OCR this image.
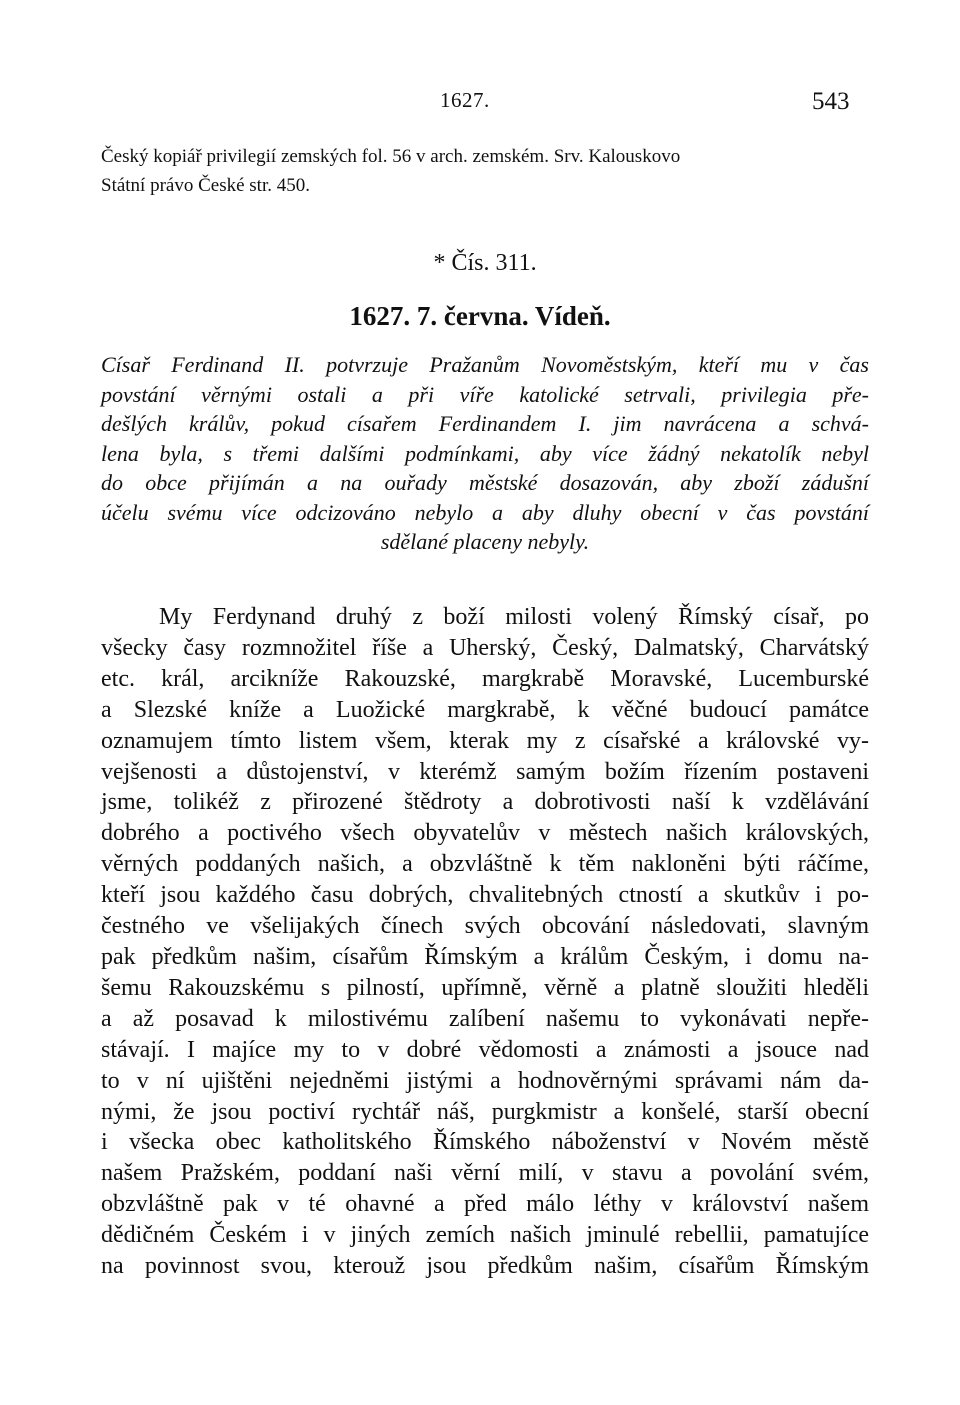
1627.	543
Český kopiář privilegií zemských fol. 56 v arch. zemském. Srv. Kalouskovo
Státní právo České str. 450.
* Čís. 311.
1627. 7. června. Vídeň.
Císař Ferdinand II. potvrzuje Pražanům Novoměstským, kteří mu v čas
povstání věrnými ostali a při víře katolické setrvali, privilegia pře-
dešlých králův, pokud císařem Ferdinandem I. jim navrácena a schvá-
lena byla, s třemi dalšími podmínkami, aby více žádný nekatolík nebyl
do obce přijímán a na ouřady městské dosazován, aby zboží zádušní
účelu svému více odcizováno nebylo a aby dluhy obecní v čas povstání
sdělané placeny nebyly.
My Ferdynand druhý z boží milosti volený Římský císař, po
všecky časy rozmnožitel říše a Uherský, Český, Dalmatský, Charvátský
etc. král, arcikníže Rakouzské, margkrabě Moravské, Lucemburské
a Slezské kníže a Luožické margkrabě, k věčné budoucí památce
oznamujem tímto listem všem, kterak my z císařské a královské vy-
vejšenosti a důstojenství, v kterémž samým božím řízením postaveni
jsme, tolikéž z přirozené štědroty a dobrotivosti naší k vzdělávání
dobrého a poctivého všech obyvatelův v městech našich královských,
věrných poddaných našich, a obzvláštně k těm nakloněni býti ráčíme,
kteří jsou každého času dobrých, chvalitebných ctností a skutkův i po-
čestného ve všelijakých čínech svých obcování následovati, slavným
pak předkům našim, císařům Římským a králům Českým, i domu na-
šemu Rakouzskému s pilností, upřímně, věrně a platně sloužiti hleděli
a až posavad k milostivému zalíbení našemu to vykonávati nepře-
stávají. I majíce my to v dobré vědomosti a známosti a jsouce nad
to v ní ujištěni nejedněmi jistými a hodnověrnými správami nám da-
nými, že jsou poctiví rychtář náš, purgkmistr a konšelé, starší obecní
i všecka obec katholitského Římského náboženství v Novém městě
našem Pražském, poddaní naši věrní milí, v stavu a povolání svém,
obzvláštně pak v té ohavné a před málo léthy v království našem
dědičném Českém i v jiných zemích našich jminulé rebellii, pamatujíce
na povinnost svou, kterouž jsou předkům našim, císařům Římským
